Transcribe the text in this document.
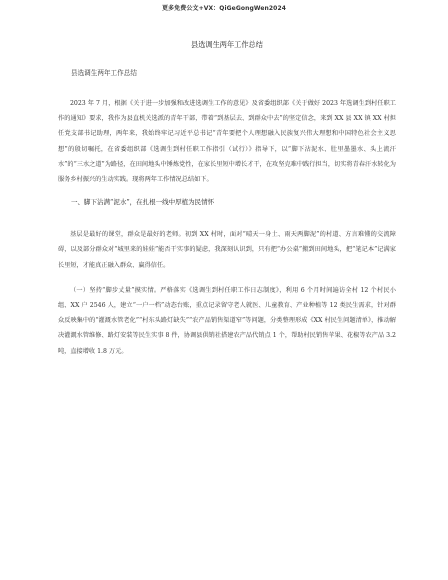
更多免费公文+VX：QiGeGongWen2024
县选调生两年工作总结
县选调生两年工作总结

2023 年 7 月，根据《关于进一步加强和改进选调生工作的意见》及省委组织部《关于做好 2023 年选调生到村任职工作的通知》要求，我作为县直机关选派的青年干部，带着“到基层去、到群众中去”的坚定信念，来到 XX 县 XX 镇 XX 村担任党支部书记助理，两年来，我始终牢记习近平总书记“青年要把个人理想融入民族复兴伟大理想和中国特色社会主义思想”的殷切嘱托，在省委组织部《选调生到村任职工作指引（试行）》指导下，以“脚下沾泥水、肚里墨墨水、头上流汗水”的“三水之道”为路径，在田间地头中锤炼党性，在家长里短中增长才干，在攻坚克难中践行担当，切实将青春汗水转化为服务乡村振兴的生动实践。现将两年工作情况总结如下。

一、脚下沾满“泥水”，在扎根一线中厚植为民情怀

基层是最好的课堂，群众是最好的老师。初到 XX 村时，面对“晴天一身土、雨天两脚泥”的村道、方言难懂的交流障碍，以及部分群众对“城里来的娃娃”能否干实事的疑虑，我深刻认识到，只有把“办公桌”搬到田间地头，把“笔记本”记满家长里短，才能真正融入群众、赢得信任。

（一）坚持“脚步丈量”摸实情。严格落实《选调生到村任职工作日志制度》，利用 6 个月时间遍访全村 12 个村民小组、XX 户 2546 人，建立“一户一档”动态台账，重点记录留守老人就医、儿童教育、产业种植等 12 类民生需求，针对群众反映集中的“灌溉水管老化”“村东头路灯缺失”“农产品销售渠道窄”等问题，分类整理形成《XX 村民生问题清单》，推动解决灌溉水管维修、路灯安装等民生实事 8 件，协调县供销社搭建农产品代销点 1 个，帮助村民销售苹果、花椒等农产品 3.2 吨，直接增收 1.8 万元。
